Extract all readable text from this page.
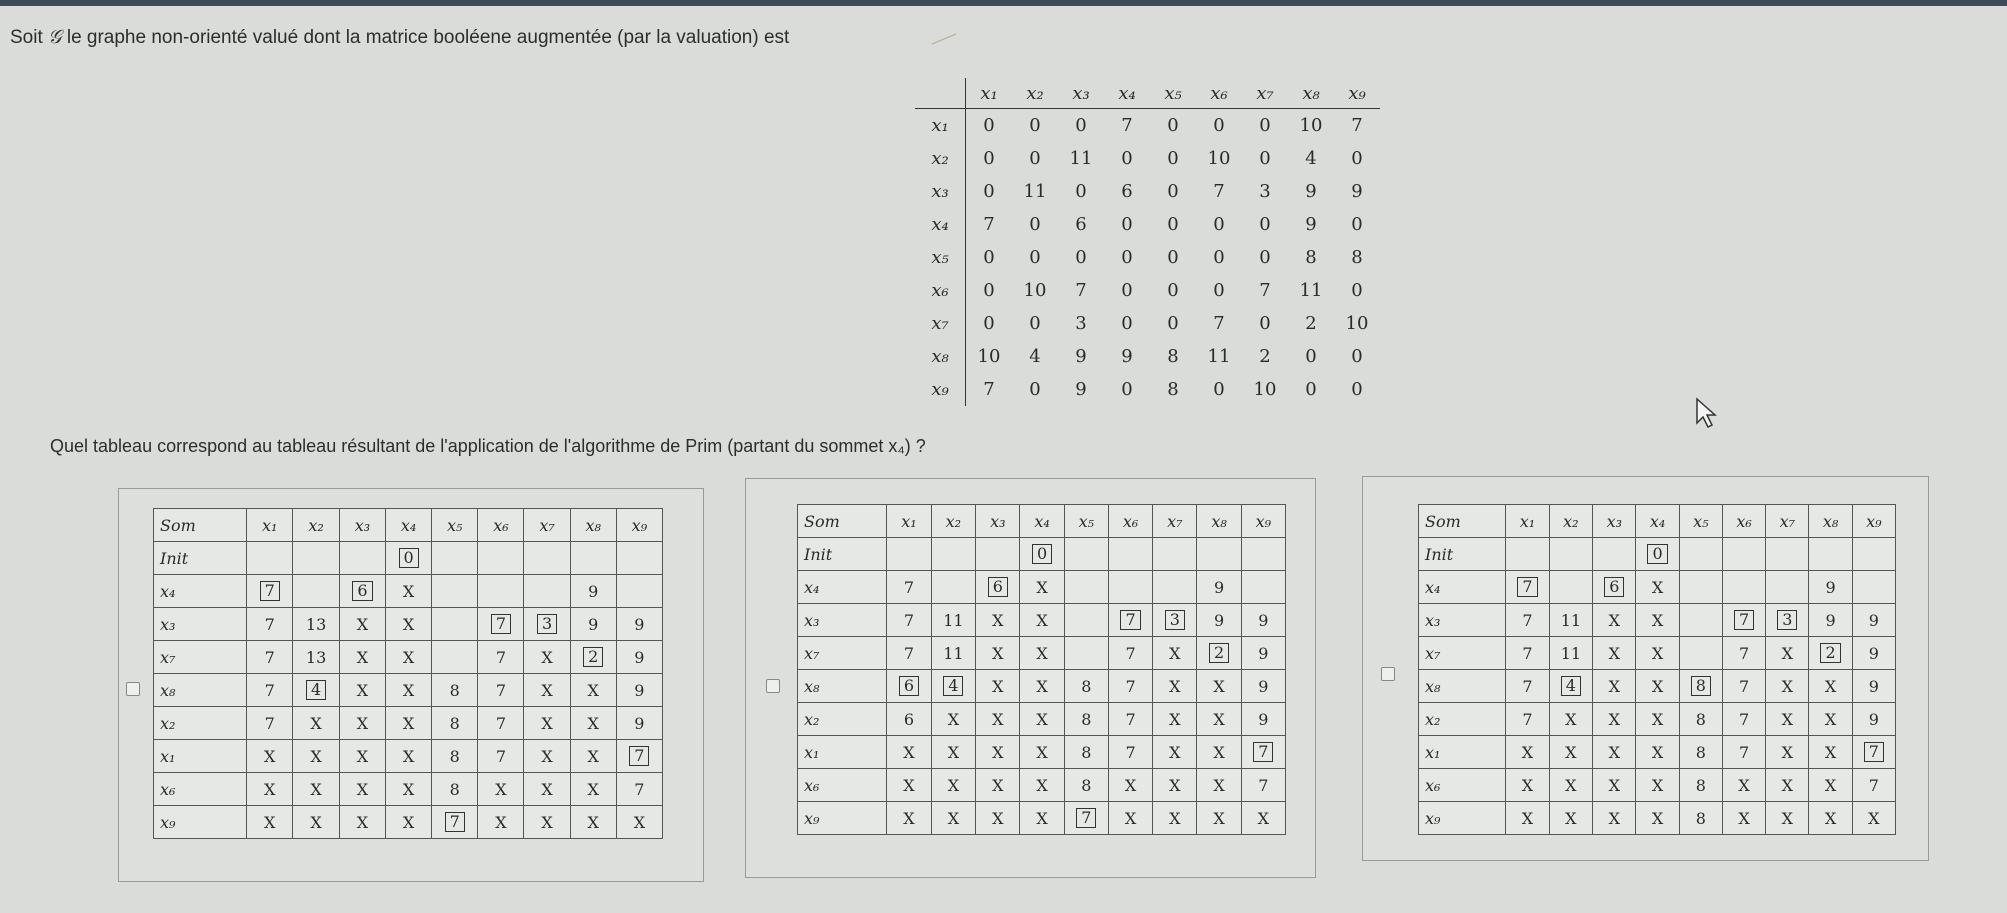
Soit 𝒢 le graphe non-orienté valué dont la matrice booléene augmentée (par la valuation) est
	x₁	x₂	x₃	x₄	x₅	x₆	x₇	x₈	x₉
x₁	0	0	0	7	0	0	0	10	7
x₂	0	0	11	0	0	10	0	4	0
x₃	0	11	0	6	0	7	3	9	9
x₄	7	0	6	0	0	0	0	9	0
x₅	0	0	0	0	0	0	0	8	8
x₆	0	10	7	0	0	0	7	11	0
x₇	0	0	3	0	0	7	0	2	10
x₈	10	4	9	9	8	11	2	0	0
x₉	7	0	9	0	8	0	10	0	0
Quel tableau correspond au tableau résultant de l'application de l'algorithme de Prim (partant du sommet x₄) ?
Som	x₁	x₂	x₃	x₄	x₅	x₆	x₇	x₈	x₉
Init				0					
x₄	7		6	X				9	
x₃	7	13	X	X		7	3	9	9
x₇	7	13	X	X		7	X	2	9
x₈	7	4	X	X	8	7	X	X	9
x₂	7	X	X	X	8	7	X	X	9
x₁	X	X	X	X	8	7	X	X	7
x₆	X	X	X	X	8	X	X	X	7
x₉	X	X	X	X	7	X	X	X	X
Som	x₁	x₂	x₃	x₄	x₅	x₆	x₇	x₈	x₉
Init				0					
x₄	7		6	X				9	
x₃	7	11	X	X		7	3	9	9
x₇	7	11	X	X		7	X	2	9
x₈	6	4	X	X	8	7	X	X	9
x₂	6	X	X	X	8	7	X	X	9
x₁	X	X	X	X	8	7	X	X	7
x₆	X	X	X	X	8	X	X	X	7
x₉	X	X	X	X	7	X	X	X	X
Som	x₁	x₂	x₃	x₄	x₅	x₆	x₇	x₈	x₉
Init				0					
x₄	7		6	X				9	
x₃	7	11	X	X		7	3	9	9
x₇	7	11	X	X		7	X	2	9
x₈	7	4	X	X	8	7	X	X	9
x₂	7	X	X	X	8	7	X	X	9
x₁	X	X	X	X	8	7	X	X	7
x₆	X	X	X	X	8	X	X	X	7
x₉	X	X	X	X	8	X	X	X	X
